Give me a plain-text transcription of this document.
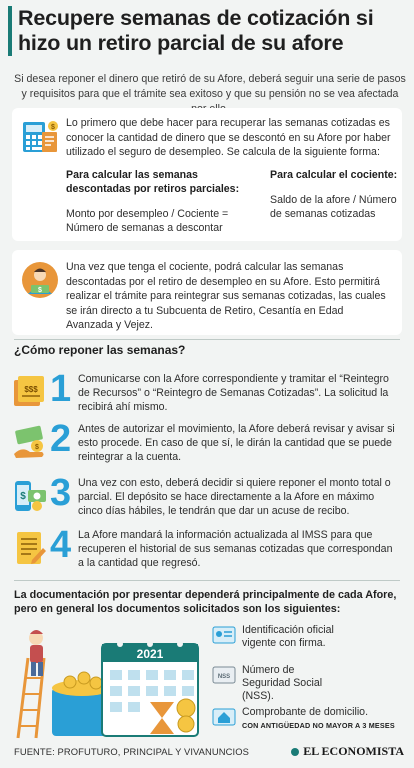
Recupere semanas de cotización si hizo un retiro parcial de su afore

Si desea reponer el dinero que retiró de su Afore, deberá seguir una serie de pasos y requisitos para que el trámite sea exitoso y que su pensión no se vea afectada

$ Lo primero que debe hacer para recuperar las semanas cotizadas es conocer la cantidad de dinero que se descontó en su Afore por haber utilizado el seguro de desempleo. Se calcula de la siguiente forma:

Para calcular las semanas descontadas por retiros parciales:

Monto por desempleo / Cociente = Número de semanas a descontar

Para calcular el cociente:

Saldo de la afore / Número de semanas cotizadas

$

Una vez que tenga el cociente, podrá calcular las semanas descontadas por el retiro de desempleo en su Afore. Esto permitirá realizar el trámite para reintegrar sus semanas cotizadas, las cuales se irán directo a tu Subcuenta de Retiro, Cesantía en Edad Avanzada y Vejez.

¿Cómo reponer las semanas?
$$$ 1 Comunicarse con la Afore correspondiente y tramitar el “Reintegro de Recursos” o “Reintegro de Semanas Cotizadas”. La solicitud la recibirá ahí mismo.

$ 2 Antes de autorizar el movimiento, la Afore deberá revisar y avisar si esto procede. En caso de que sí, le dirán la cantidad que se puede reintegrar a la cuenta.

$ 3 Una vez con esto, deberá decidir si quiere reponer el monto total o parcial. El depósito se hace directamente a la Afore en máximo cinco días hábiles, le tendrán que dar un acuse de recibo.

4 La Afore mandará la información actualizada al IMSS para que recuperen el historial de sus semanas cotizadas que correspondan a la cantidad que regresó.

La documentación por presentar dependerá principalmente de cada Afore, pero en general los documentos solicitados son los siguientes:

2021

Identificación oficial vigente con firma.

NSS

Número de Seguridad Social (NSS).

Comprobante de domicilio.

CON ANTIGÜEDAD NO MAYOR A 3 MESES

FUENTE: PROFUTURO, PRINCIPAL Y VIVANUNCIOS	EL ECONOMISTA
